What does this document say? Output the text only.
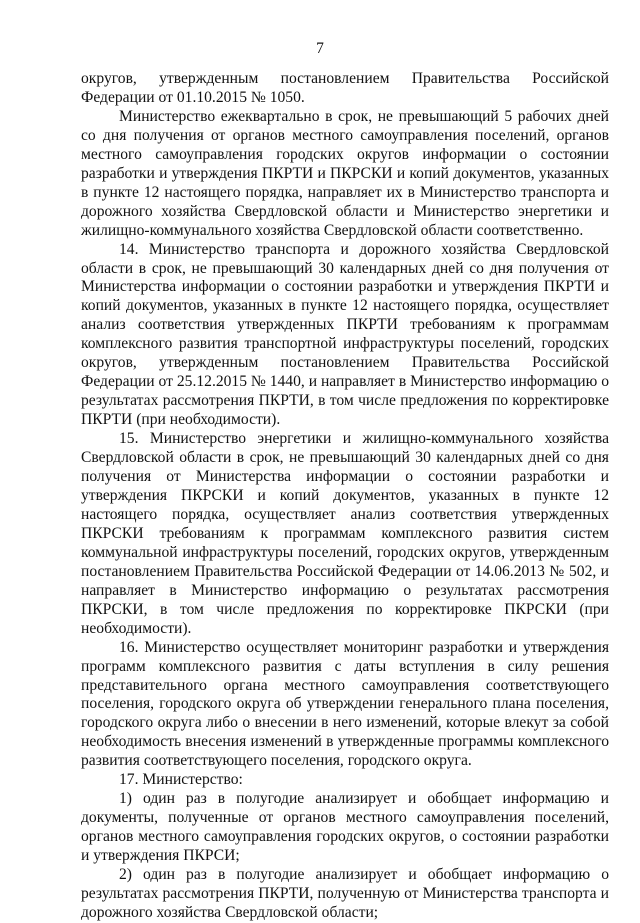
7

округов, утвержденным постановлением Правительства Российской Федерации от 01.10.2015 № 1050.

Министерство ежеквартально в срок, не превышающий 5 рабочих дней со дня получения от органов местного самоуправления поселений, органов местного самоуправления городских округов информации о состоянии разработки и утверждения ПКРТИ и ПКРСКИ и копий документов, указанных в пункте 12 настоящего порядка, направляет их в Министерство транспорта и дорожного хозяйства Свердловской области и Министерство энергетики и жилищно-коммунального хозяйства Свердловской области соответственно.

14. Министерство транспорта и дорожного хозяйства Свердловской области в срок, не превышающий 30 календарных дней со дня получения от Министерства информации о состоянии разработки и утверждения ПКРТИ и копий документов, указанных в пункте 12 настоящего порядка, осуществляет анализ соответствия утвержденных ПКРТИ требованиям к программам комплексного развития транспортной инфраструктуры поселений, городских округов, утвержденным постановлением Правительства Российской Федерации от 25.12.2015 № 1440, и направляет в Министерство информацию о результатах рассмотрения ПКРТИ, в том числе предложения по корректировке ПКРТИ (при необходимости).

15. Министерство энергетики и жилищно-коммунального хозяйства Свердловской области в срок, не превышающий 30 календарных дней со дня получения от Министерства информации о состоянии разработки и утверждения ПКРСКИ и копий документов, указанных в пункте 12 настоящего порядка, осуществляет анализ соответствия утвержденных ПКРСКИ требованиям к программам комплексного развития систем коммунальной инфраструктуры поселений, городских округов, утвержденным постановлением Правительства Российской Федерации от 14.06.2013 № 502, и направляет в Министерство информацию о результатах рассмотрения ПКРСКИ, в том числе предложения по корректировке ПКРСКИ (при необходимости).

16. Министерство осуществляет мониторинг разработки и утверждения программ комплексного развития с даты вступления в силу решения представительного органа местного самоуправления соответствующего поселения, городского округа об утверждении генерального плана поселения, городского округа либо о внесении в него изменений, которые влекут за собой необходимость внесения изменений в утвержденные программы комплексного развития соответствующего поселения, городского округа.

17. Министерство:

1) один раз в полугодие анализирует и обобщает информацию и документы, полученные от органов местного самоуправления поселений, органов местного самоуправления городских округов, о состоянии разработки и утверждения ПКРСИ;

2) один раз в полугодие анализирует и обобщает информацию о результатах рассмотрения ПКРТИ, полученную от Министерства транспорта и дорожного хозяйства Свердловской области;
